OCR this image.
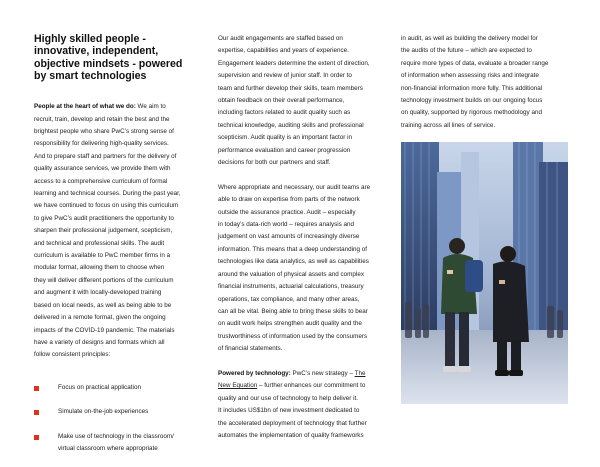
Highly skilled people -
innovative, independent,
objective mindsets - powered
by smart technologies

People at the heart of what we do: We aim to

recruit, train, develop and retain the best and the

brightest people who share PwC’s strong sense of

responsibility for delivering high-quality services.

And to prepare staff and partners for the delivery of

quality assurance services, we provide them with

access to a comprehensive curriculum of formal

learning and technical courses. During the past year,

we have continued to focus on using this curriculum

to give PwC’s audit practitioners the opportunity to

sharpen their professional judgement, scepticism,

and technical and professional skills. The audit

curriculum is available to PwC member firms in a

modular format, allowing them to choose when

they will deliver different portions of the curriculum

and augment it with locally-developed training

based on local needs, as well as being able to be

delivered in a remote format, given the ongoing

impacts of the COVID-19 pandemic. The materials

have a variety of designs and formats which all

follow consistent principles:

Focus on practical application
Simulate on-the-job experiences
Make use of technology in the classroom/
virtual classroom where appropriate

Our audit engagements are staffed based on

expertise, capabilities and years of experience.

Engagement leaders determine the extent of direction,

supervision and review of junior staff. In order to

team and further develop their skills, team members

obtain feedback on their overall performance,

including factors related to audit quality such as

technical knowledge, auditing skills and professional

scepticism. Audit quality is an important factor in

performance evaluation and career progression

decisions for both our partners and staff.

Where appropriate and necessary, our audit teams are

able to draw on expertise from parts of the network

outside the assurance practice. Audit – especially

in today’s data-rich world – requires analysis and

judgement on vast amounts of increasingly diverse

information. This means that a deep understanding of

technologies like data analytics, as well as capabilities

around the valuation of physical assets and complex

financial instruments, actuarial calculations, treasury

operations, tax compliance, and many other areas,

can all be vital. Being able to bring these skills to bear

on audit work helps strengthen audit quality and the

trustworthiness of information used by the consumers

of financial statements.

Powered by technology: PwC’s new strategy – The

New Equation – further enhances our commitment to

quality and our use of technology to help deliver it.

It includes US$1bn of new investment dedicated to

the accelerated deployment of technology that further

automates the implementation of quality frameworks

in audit, as well as building the delivery model for

the audits of the future – which are expected to

require more types of data, evaluate a broader range

of information when assessing risks and integrate

non-financial information more fully. This additional

technology investment builds on our ongoing focus

on quality, supported by rigorous methodology and

training across all lines of service.
